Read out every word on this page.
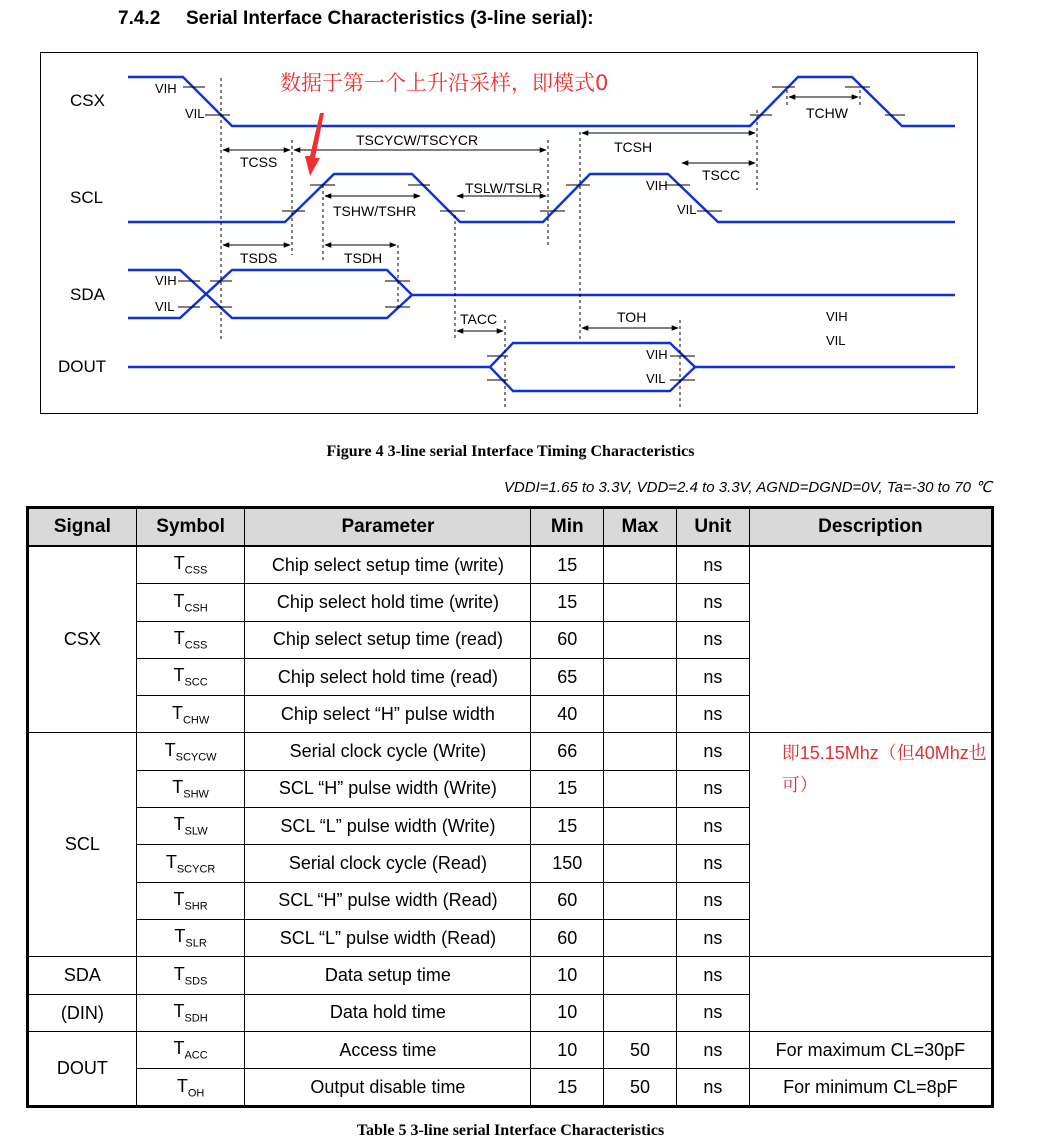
7.4.2 Serial Interface Characteristics (3-line serial):
CSX
SCL
SDA
DOUT
TCSS
TSCYCW/TSCYCR	TCSH
TCHW
TSCC
TSHW/TSHR
TSLW/TSLR
TSDS	TSDH
TACC	TOH
VIH
VIL
VIH
VIL
VIH
VIL
VIH
VIL
VIH
VIL
数据于第一个上升沿采样，即模式0
Figure 4 3-line serial Interface Timing Characteristics
VDDI=1.65 to 3.3V, VDD=2.4 to 3.3V, AGND=DGND=0V, Ta=-30 to 70 ℃
Signal	Symbol	Parameter	Min	Max	Unit	Description
CSX	$T_{CSS}$	Chip select setup time (write)	15		ns	
	$T_{CSH}$	Chip select hold time (write)	15		ns	
	$T_{CSS}$	Chip select setup time (read)	60		ns	
	$T_{SCC}$	Chip select hold time (read)	65		ns	
	$T_{CHW}$	Chip select “H” pulse width	40		ns	
SCL	$T_{SCYCW}$	Serial clock cycle (Write)	66		ns	即15.15Mhz（但40Mhz也可）
	$T_{SHW}$	SCL “H” pulse width (Write)	15		ns	
	$T_{SLW}$	SCL “L” pulse width (Write)	15		ns	
	$T_{SCYCR}$	Serial clock cycle (Read)	150		ns	
	$T_{SHR}$	SCL “H” pulse width (Read)	60		ns	
	$T_{SLR}$	SCL “L” pulse width (Read)	60		ns	
SDA	$T_{SDS}$	Data setup time	10		ns	
(DIN)	$T_{SDH}$	Data hold time	10		ns	
DOUT	$T_{ACC}$	Access time	10	50	ns	For maximum CL=30pF
	$T_{OH}$	Output disable time	15	50	ns	For minimum CL=8pF
Table 5 3-line serial Interface Characteristics
